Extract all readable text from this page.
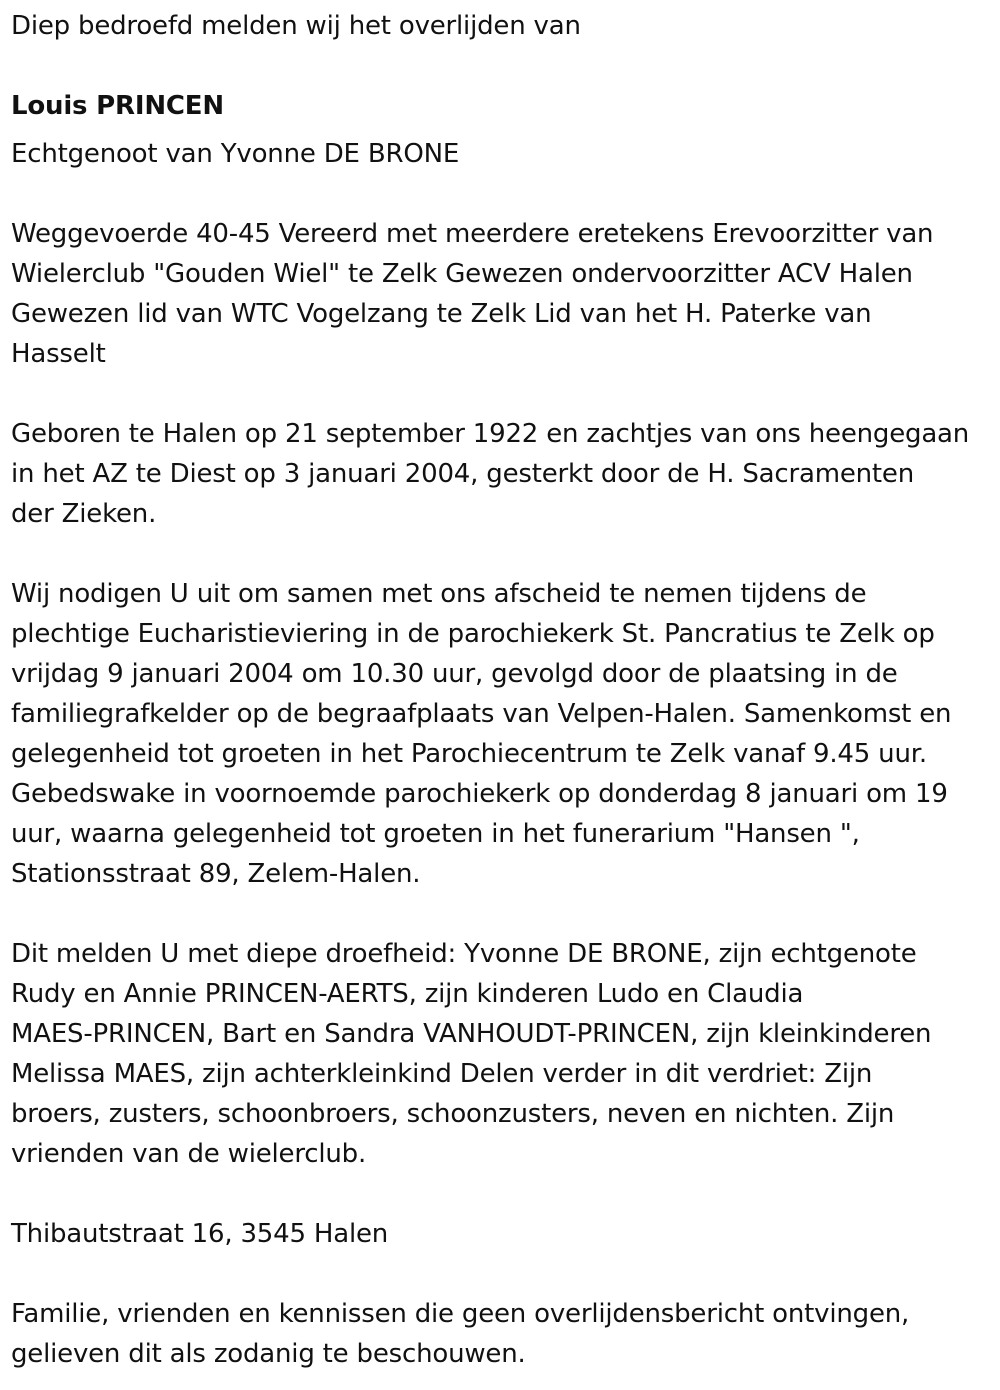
Diep bedroefd melden wij het overlijden van
Louis PRINCEN
Echtgenoot van Yvonne DE BRONE
Weggevoerde 40-45 Vereerd met meerdere eretekens Erevoorzitter van
Wielerclub "Gouden Wiel" te Zelk Gewezen ondervoorzitter ACV Halen
Gewezen lid van WTC Vogelzang te Zelk Lid van het H. Paterke van
Hasselt
Geboren te Halen op 21 september 1922 en zachtjes van ons heengegaan
in het AZ te Diest op 3 januari 2004, gesterkt door de H. Sacramenten
der Zieken.
Wij nodigen U uit om samen met ons afscheid te nemen tijdens de
plechtige Eucharistieviering in de parochiekerk St. Pancratius te Zelk op
vrijdag 9 januari 2004 om 10.30 uur, gevolgd door de plaatsing in de
familiegrafkelder op de begraafplaats van Velpen-Halen. Samenkomst en
gelegenheid tot groeten in het Parochiecentrum te Zelk vanaf 9.45 uur.
Gebedswake in voornoemde parochiekerk op donderdag 8 januari om 19
uur, waarna gelegenheid tot groeten in het funerarium "Hansen ",
Stationsstraat 89, Zelem-Halen.
Dit melden U met diepe droefheid: Yvonne DE BRONE, zijn echtgenote
Rudy en Annie PRINCEN-AERTS, zijn kinderen Ludo en Claudia
MAES-PRINCEN, Bart en Sandra VANHOUDT-PRINCEN, zijn kleinkinderen
Melissa MAES, zijn achterkleinkind Delen verder in dit verdriet: Zijn
broers, zusters, schoonbroers, schoonzusters, neven en nichten. Zijn
vrienden van de wielerclub.
Thibautstraat 16, 3545 Halen
Familie, vrienden en kennissen die geen overlijdensbericht ontvingen,
gelieven dit als zodanig te beschouwen.
